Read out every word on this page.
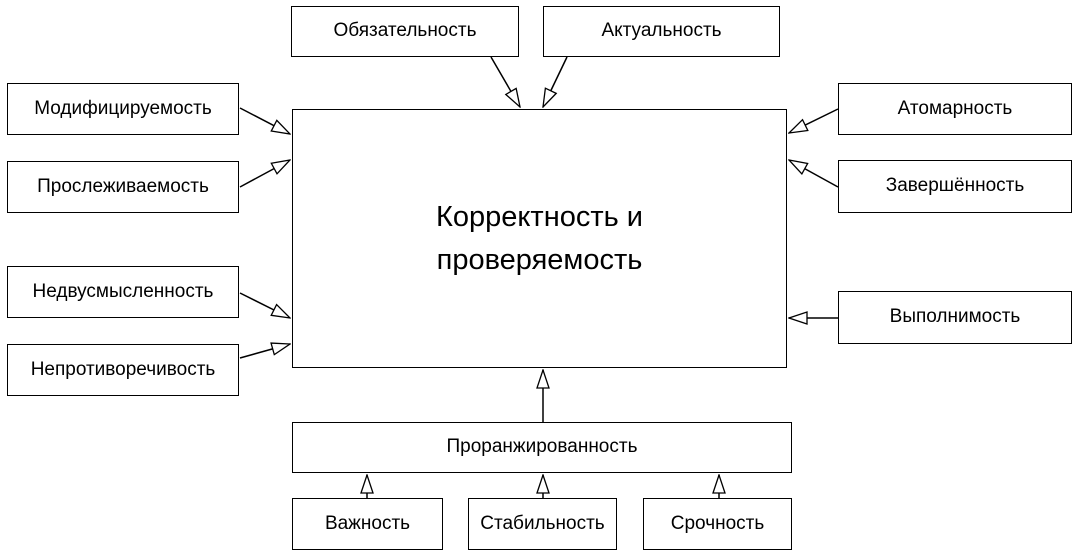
Обязательность	Актуальность
Модифицируемость
Прослеживаемость
Недвусмысленность
Непротиворечивость
Атомарность
Завершённость
Выполнимость
Корректность и проверяемость
Проранжированность
Важность	Стабильность	Срочность
